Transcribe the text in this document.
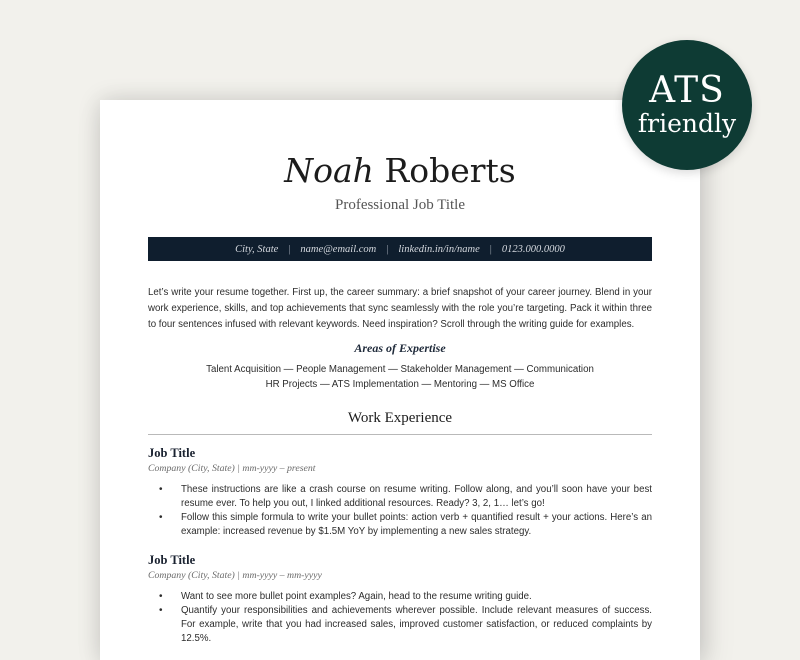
ATS
friendly
Noah Roberts
Professional Job Title
City, State | name@email.com | linkedin.in/in/name | 0123.000.0000
Let’s write your resume together. First up, the career summary: a brief snapshot of your career journey. Blend in your work experience, skills, and top achievements that sync seamlessly with the role you’re targeting. Pack it within three to four sentences infused with relevant keywords. Need inspiration? Scroll through the writing guide for examples.
Areas of Expertise
Talent Acquisition — People Management — Stakeholder Management — Communication
HR Projects — ATS Implementation — Mentoring — MS Office
Work Experience
Job Title
Company (City, State) | mm-yyyy – present
• These instructions are like a crash course on resume writing. Follow along, and you’ll soon have your best resume ever. To help you out, I linked additional resources. Ready? 3, 2, 1… let’s go!
• Follow this simple formula to write your bullet points: action verb + quantified result + your actions. Here’s an example: increased revenue by $1.5M YoY by implementing a new sales strategy.
Job Title
Company (City, State) | mm-yyyy – mm-yyyy
• Want to see more bullet point examples? Again, head to the resume writing guide.
• Quantify your responsibilities and achievements wherever possible. Include relevant measures of success. For example, write that you had increased sales, improved customer satisfaction, or reduced complaints by 12.5%.
